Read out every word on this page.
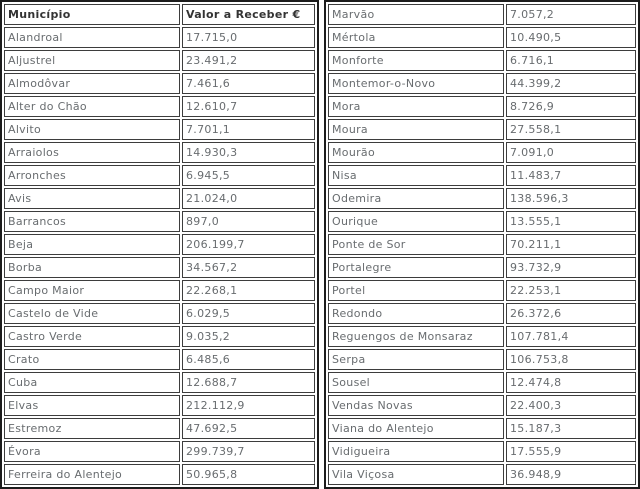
Município	Valor a Receber €
Alandroal	17.715,0
Aljustrel	23.491,2
Almodôvar	7.461,6
Alter do Chão	12.610,7
Alvito	7.701,1
Arraiolos	14.930,3
Arronches	6.945,5
Avis	21.024,0
Barrancos	897,0
Beja	206.199,7
Borba	34.567,2
Campo Maior	22.268,1
Castelo de Vide	6.029,5
Castro Verde	9.035,2
Crato	6.485,6
Cuba	12.688,7
Elvas	212.112,9
Estremoz	47.692,5
Évora	299.739,7
Ferreira do Alentejo	50.965,8
Marvão	7.057,2
Mértola	10.490,5
Monforte	6.716,1
Montemor-o-Novo	44.399,2
Mora	8.726,9
Moura	27.558,1
Mourão	7.091,0
Nisa	11.483,7
Odemira	138.596,3
Ourique	13.555,1
Ponte de Sor	70.211,1
Portalegre	93.732,9
Portel	22.253,1
Redondo	26.372,6
Reguengos de Monsaraz	107.781,4
Serpa	106.753,8
Sousel	12.474,8
Vendas Novas	22.400,3
Viana do Alentejo	15.187,3
Vidigueira	17.555,9
Vila Viçosa	36.948,9
